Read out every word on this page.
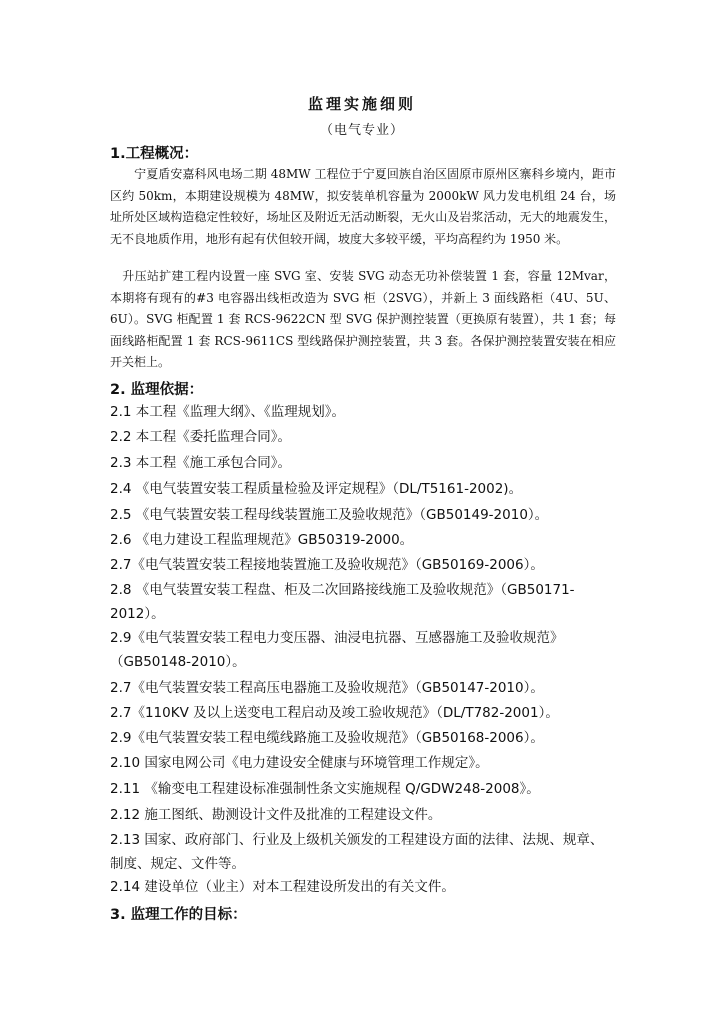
监理实施细则
（电气专业）
1.工程概况：

　　宁夏盾安嘉科风电场二期 48MW 工程位于宁夏回族自治区固原市原州区寨科乡境内，距市区约 50km，本期建设规模为 48MW，拟安装单机容量为 2000kW 风力发电机组 24 台，场址所处区域构造稳定性较好，场址区及附近无活动断裂，无火山及岩浆活动，无大的地震发生，无不良地质作用，地形有起有伏但较开阔，坡度大多较平缓，平均高程约为 1950 米。

　升压站扩建工程内设置一座 SVG 室、安装 SVG 动态无功补偿装置 1 套，容量 12Mvar，本期将有现有的#3 电容器出线柜改造为 SVG 柜（2SVG），并新上 3 面线路柜（4U、5U、6U）。SVG 柜配置 1 套 RCS-9622CN 型 SVG 保护测控装置（更换原有装置），共 1 套；每面线路柜配置 1 套 RCS-9611CS 型线路保护测控装置，共 3 套。各保护测控装置安装在相应开关柜上。

2. 监理依据：

2.1 本工程《监理大纲》、《监理规划》。

2.2 本工程《委托监理合同》。

2.3 本工程《施工承包合同》。

2.4 《电气装置安装工程质量检验及评定规程》（DL/T5161-2002)。

2.5 《电气装置安装工程母线装置施工及验收规范》（GB50149-2010）。

2.6 《电力建设工程监理规范》GB50319-2000。

2.7《电气装置安装工程接地装置施工及验收规范》（GB50169-2006）。

2.8 《电气装置安装工程盘、柜及二次回路接线施工及验收规范》（GB50171-2012）。

2.9《电气装置安装工程电力变压器、油浸电抗器、互感器施工及验收规范》（GB50148-2010）。

2.7《电气装置安装工程高压电器施工及验收规范》（GB50147-2010）。

2.7《110KV 及以上送变电工程启动及竣工验收规范》（DL/T782-2001）。

2.9《电气装置安装工程电缆线路施工及验收规范》（GB50168-2006）。

2.10 国家电网公司《电力建设安全健康与环境管理工作规定》。

2.11 《输变电工程建设标准强制性条文实施规程 Q/GDW248-2008》。

2.12 施工图纸、勘测设计文件及批准的工程建设文件。

2.13 国家、政府部门、行业及上级机关颁发的工程建设方面的法律、法规、规章、制度、规定、文件等。

2.14 建设单位（业主）对本工程建设所发出的有关文件。

3. 监理工作的目标：
